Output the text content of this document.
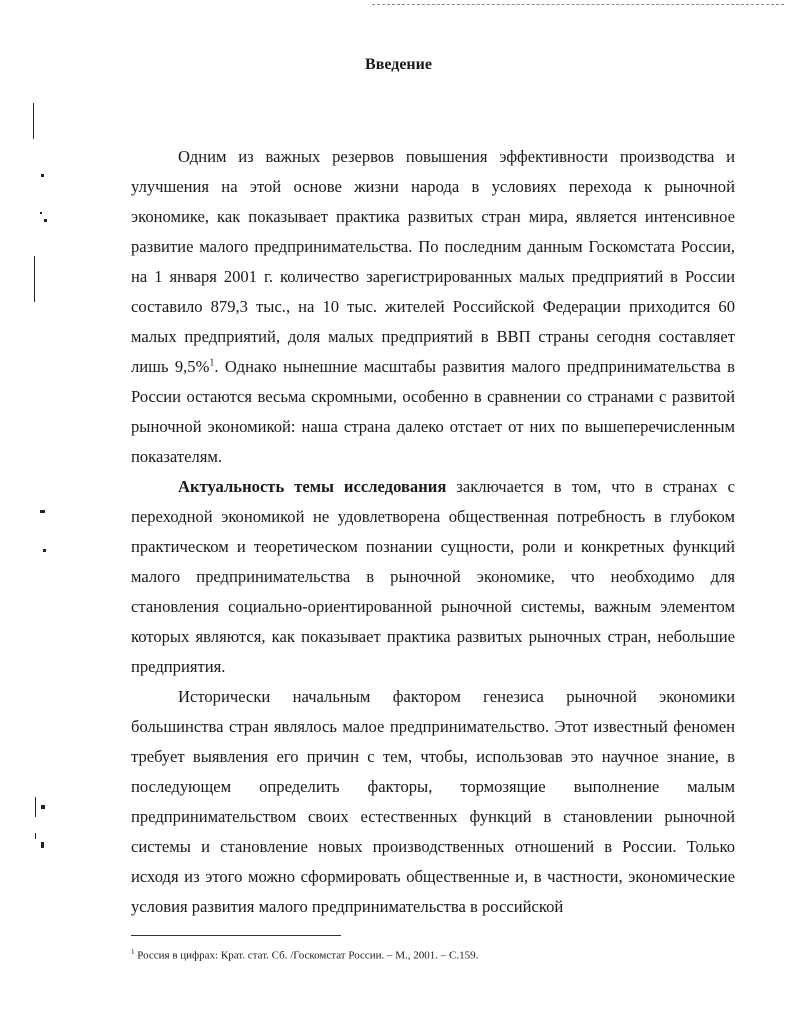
Введение

Одним из важных резервов повышения эффективности производства и улучшения на этой основе жизни народа в условиях перехода к рыночной экономике, как показывает практика развитых стран мира, является интенсивное развитие малого предпринимательства. По последним данным Госкомстата России, на 1 января 2001 г. количество зарегистрированных малых предприятий в России составило 879,3 тыс., на 10 тыс. жителей Российской Федерации приходится 60 малых предприятий, доля малых предприятий в ВВП страны сегодня составляет лишь 9,5%$^1$. Однако нынешние масштабы развития малого предпринимательства в России остаются весьма скромными, особенно в сравнении со странами с развитой рыночной экономикой: наша страна далеко отстает от них по вышеперечисленным показателям.

Актуальность темы исследования заключается в том, что в странах с переходной экономикой не удовлетворена общественная потребность в глубоком практическом и теоретическом познании сущности, роли и конкретных функций малого предпринимательства в рыночной экономике, что необходимо для становления социально-ориентированной рыночной системы, важным элементом которых являются, как показывает практика развитых рыночных стран, небольшие предприятия.

Исторически начальным фактором генезиса рыночной экономики большинства стран являлось малое предпринимательство. Этот известный феномен требует выявления его причин с тем, чтобы, использовав это научное знание, в последующем определить факторы, тормозящие выполнение малым предпринимательством своих естественных функций в становлении рыночной системы и становление новых производственных отношений в России. Только исходя из этого можно сформировать общественные и, в частности, экономические условия развития малого предпринимательства в российской

$^1$ Россия в цифрах: Крат. стат. Сб. /Госкомстат России. – М., 2001. – С.159.
